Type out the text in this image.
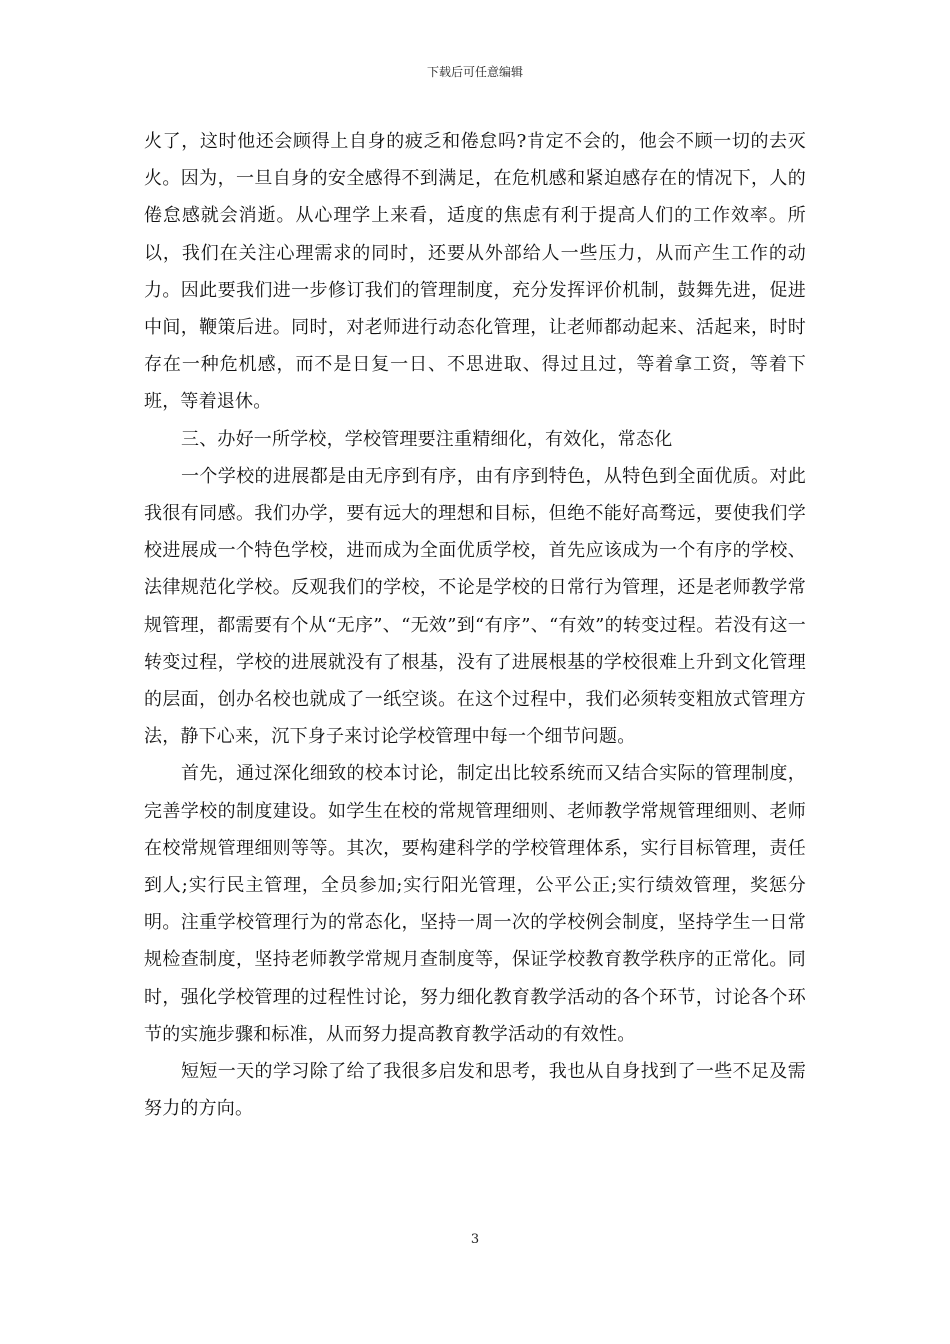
下载后可任意编辑

火了，这时他还会顾得上自身的疲乏和倦怠吗?肯定不会的，他会不顾一切的去灭火。因为，一旦自身的安全感得不到满足，在危机感和紧迫感存在的情况下，人的倦怠感就会消逝。从心理学上来看，适度的焦虑有利于提高人们的工作效率。所以，我们在关注心理需求的同时，还要从外部给人一些压力，从而产生工作的动力。因此要我们进一步修订我们的管理制度，充分发挥评价机制，鼓舞先进，促进中间，鞭策后进。同时，对老师进行动态化管理，让老师都动起来、活起来，时时存在一种危机感，而不是日复一日、不思进取、得过且过，等着拿工资，等着下班，等着退休。

三、办好一所学校，学校管理要注重精细化，有效化，常态化

一个学校的进展都是由无序到有序，由有序到特色，从特色到全面优质。对此我很有同感。我们办学，要有远大的理想和目标，但绝不能好高骛远，要使我们学校进展成一个特色学校，进而成为全面优质学校，首先应该成为一个有序的学校、法律规范化学校。反观我们的学校，不论是学校的日常行为管理，还是老师教学常规管理，都需要有个从“无序”、“无效”到“有序”、“有效”的转变过程。若没有这一转变过程，学校的进展就没有了根基，没有了进展根基的学校很难上升到文化管理的层面，创办名校也就成了一纸空谈。在这个过程中，我们必须转变粗放式管理方法，静下心来，沉下身子来讨论学校管理中每一个细节问题。

首先，通过深化细致的校本讨论，制定出比较系统而又结合实际的管理制度，完善学校的制度建设。如学生在校的常规管理细则、老师教学常规管理细则、老师在校常规管理细则等等。其次，要构建科学的学校管理体系，实行目标管理，责任到人;实行民主管理，全员参加;实行阳光管理，公平公正;实行绩效管理，奖惩分明。注重学校管理行为的常态化，坚持一周一次的学校例会制度，坚持学生一日常规检查制度，坚持老师教学常规月查制度等，保证学校教育教学秩序的正常化。同时，强化学校管理的过程性讨论，努力细化教育教学活动的各个环节，讨论各个环节的实施步骤和标准，从而努力提高教育教学活动的有效性。

短短一天的学习除了给了我很多启发和思考，我也从自身找到了一些不足及需努力的方向。

3
